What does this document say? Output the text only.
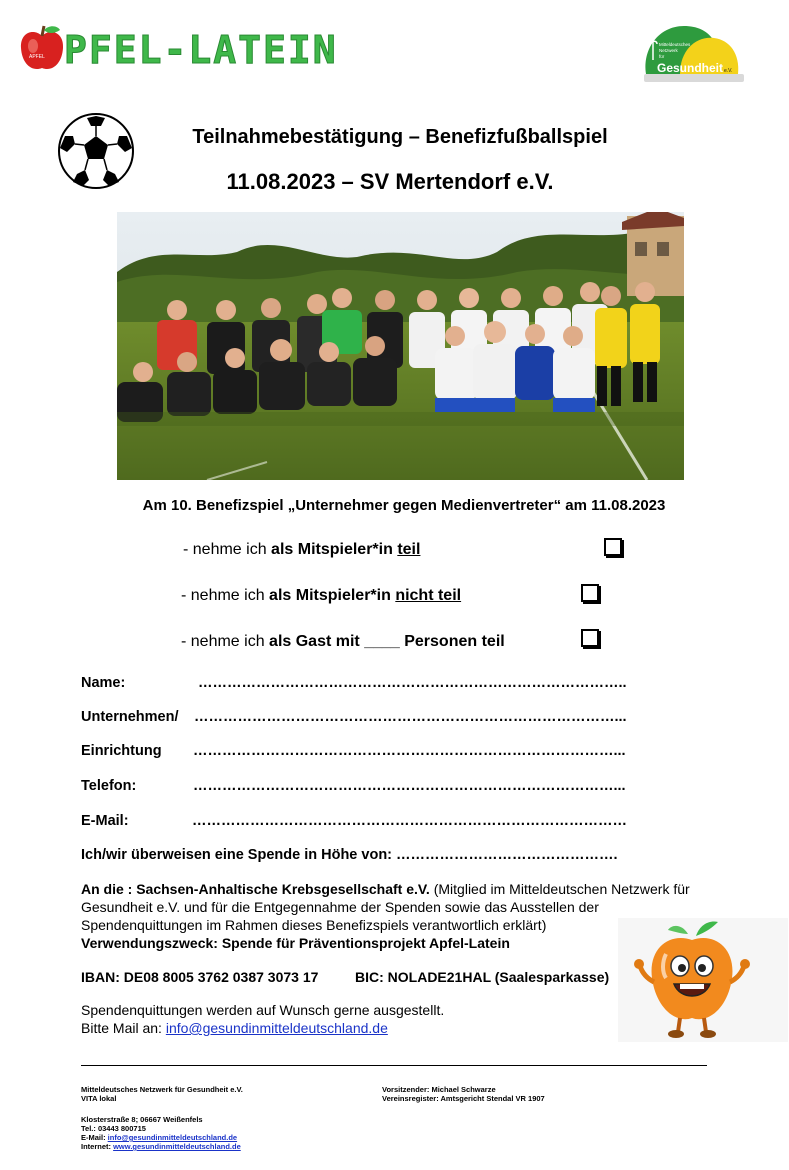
APFEL PFEL-LATEIN	Mitteldeutsches
Netzwerk
für
Gesundheit e.V.
Teilnahmebestätigung – Benefizfußballspiel
11.08.2023 – SV Mertendorf e.V.
Am 10. Benefizspiel „Unternehmer gegen Medienvertreter“ am 11.08.2023
- nehme ich als Mitspieler*in teil
- nehme ich als Mitspieler*in nicht teil
- nehme ich als Gast mit ____ Personen teil
Name:	……………………………………………………………………………..
Unternehmen/ ……………………………………………………………………………...
Einrichtung ……………………………………………………………………………...
Telefon:	……………………………………………………………………………...
E-Mail:	………………………………………………………………………………
Ich/wir überweisen eine Spende in Höhe von: ……………………………………….
An die : Sachsen-Anhaltische Krebsgesellschaft e.V. (Mitglied im Mitteldeutschen Netzwerk für
Gesundheit e.V. und für die Entgegennahme der Spenden sowie das Ausstellen der
Spendenquittungen im Rahmen dieses Benefizspiels verantwortlich erklärt)
Verwendungszweck: Spende für Präventionsprojekt Apfel-Latein
IBAN: DE08 8005 3762 0387 3073 17	BIC: NOLADE21HAL (Saalesparkasse)
Spendenquittungen werden auf Wunsch gerne ausgestellt.
Bitte Mail an: info@gesundinmitteldeutschland.de
Mitteldeutsches Netzwerk für Gesundheit e.V.
VITA lokal
Vorsitzender: Michael Schwarze
Vereinsregister: Amtsgericht Stendal VR 1907
Klosterstraße 8; 06667 Weißenfels
Tel.: 03443 800715
E-Mail: info@gesundinmitteldeutschland.de
Internet: www.gesundinmitteldeutschland.de
